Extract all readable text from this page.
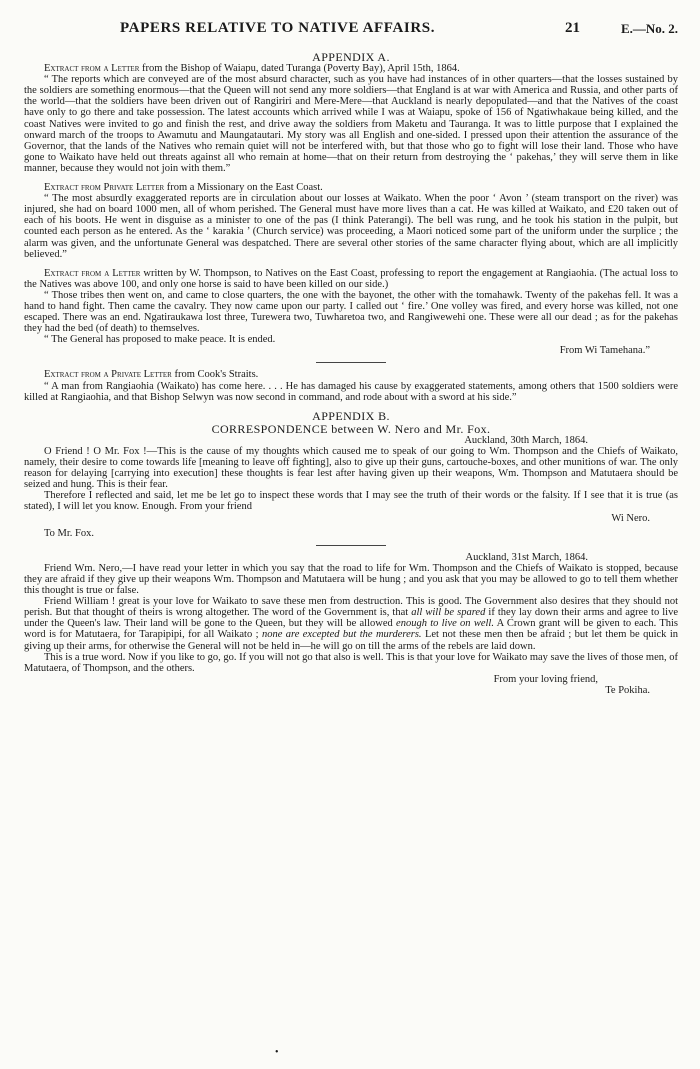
PAPERS RELATIVE TO NATIVE AFFAIRS.	21	E.—No. 2.

APPENDIX A.

Extract from a Letter from the Bishop of Waiapu, dated Turanga (Poverty Bay), April 15th, 1864.

“ The reports which are conveyed are of the most absurd character, such as you have had instances of in other quarters—that the losses sustained by the soldiers are something enormous—that the Queen will not send any more soldiers—that England is at war with America and Russia, and other parts of the world—that the soldiers have been driven out of Rangiriri and Mere-Mere—that Auckland is nearly depopulated—and that the Natives of the coast have only to go there and take possession. The latest accounts which arrived while I was at Waiapu, spoke of 156 of Ngatiwhakaue being killed, and the coast Natives were invited to go and finish the rest, and drive away the soldiers from Maketu and Tauranga. It was to little purpose that I explained the onward march of the troops to Awamutu and Maungatautari. My story was all English and one-sided. I pressed upon their attention the assurance of the Governor, that the lands of the Natives who remain quiet will not be interfered with, but that those who go to fight will lose their land. Those who have gone to Waikato have held out threats against all who remain at home—that on their return from destroying the ‘ pakehas,’ they will serve them in like manner, because they would not join with them.”

Extract from Private Letter from a Missionary on the East Coast.

“ The most absurdly exaggerated reports are in circulation about our losses at Waikato. When the poor ‘ Avon ’ (steam transport on the river) was injured, she had on board 1000 men, all of whom perished. The General must have more lives than a cat. He was killed at Waikato, and £20 taken out of each of his boots. He went in disguise as a minister to one of the pas (I think Paterangi). The bell was rung, and he took his station in the pulpit, but counted each person as he entered. As the ‘ karakia ’ (Church service) was proceeding, a Maori noticed some part of the uniform under the surplice ; the alarm was given, and the unfortunate General was despatched. There are several other stories of the same character flying about, which are all implicitly believed.”

Extract from a Letter written by W. Thompson, to Natives on the East Coast, professing to report the engagement at Rangiaohia. (The actual loss to the Natives was above 100, and only one horse is said to have been killed on our side.)

“ Those tribes then went on, and came to close quarters, the one with the bayonet, the other with the tomahawk. Twenty of the pakehas fell. It was a hand to hand fight. Then came the cavalry. They now came upon our party. I called out ‘ fire.’ One volley was fired, and every horse was killed, not one escaped. There was an end. Ngatiraukawa lost three, Turewera two, Tuwharetoa two, and Rangiwewehi one. These were all our dead ; as for the pakehas they had the bed (of death) to themselves.

“ The General has proposed to make peace. It is ended.

From Wi Tamehana.”

Extract from a Private Letter from Cook's Straits.

“ A man from Rangiaohia (Waikato) has come here. . . . He has damaged his cause by exaggerated statements, among others that 1500 soldiers were killed at Rangiaohia, and that Bishop Selwyn was now second in command, and rode about with a sword at his side.”

APPENDIX B.

CORRESPONDENCE between W. Nero and Mr. Fox.

Auckland, 30th March, 1864.

O Friend ! O Mr. Fox !—This is the cause of my thoughts which caused me to speak of our going to Wm. Thompson and the Chiefs of Waikato, namely, their desire to come towards life [meaning to leave off fighting], also to give up their guns, cartouche-boxes, and other munitions of war. The only reason for delaying [carrying into execution] these thoughts is fear lest after having given up their weapons, Wm. Thompson and Matutaera should be seized and hung. This is their fear.

Therefore I reflected and said, let me be let go to inspect these words that I may see the truth of their words or the falsity. If I see that it is true (as stated), I will let you know. Enough. From your friend

Wi Nero.

To Mr. Fox.

Auckland, 31st March, 1864.

Friend Wm. Nero,—I have read your letter in which you say that the road to life for Wm. Thompson and the Chiefs of Waikato is stopped, because they are afraid if they give up their weapons Wm. Thompson and Matutaera will be hung ; and you ask that you may be allowed to go to tell them whether this thought is true or false.

Friend William ! great is your love for Waikato to save these men from destruction. This is good. The Government also desires that they should not perish. But that thought of theirs is wrong altogether. The word of the Government is, that all will be spared if they lay down their arms and agree to live under the Queen's law. Their land will be gone to the Queen, but they will be allowed enough to live on well. A Crown grant will be given to each. This word is for Matutaera, for Tarapipipi, for all Waikato ; none are excepted but the murderers. Let not these men then be afraid ; but let them be quick in giving up their arms, for otherwise the General will not be held in—he will go on till the arms of the rebels are laid down.

This is a true word. Now if you like to go, go. If you will not go that also is well. This is that your love for Waikato may save the lives of those men, of Matutaera, of Thompson, and the others.

From your loving friend,

Te Pokiha.

•
